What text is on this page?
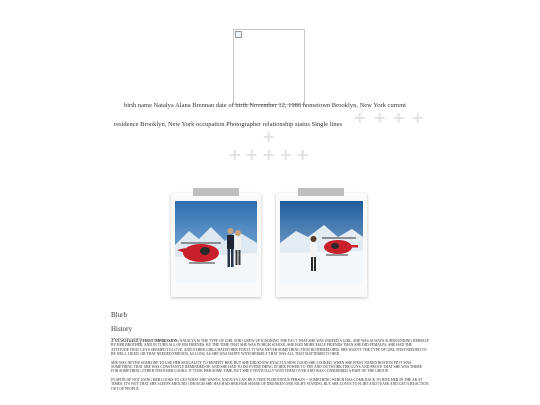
birth name Natalya Alana Brennan date of birth November 12, 1986 hometown Brooklyn, New York current
residence Brooklyn, New York occupation Photographer relationship status Single lines + + + +
+
+ + + + +
Blurb
History
PersonalityFIRST IMPRESSION: NATALYA IS THE TYPE OF GIRL WHO GREW UP IGNORING THE FACT THAT SHE WAS INDEED A GIRL. SHE WAS ALWAYS SURROUNDING HERSELF BY HER BROTHER, AND IN TURN ALL OF HIS FRIENDS. BY THE TIME THAT SHE WAS IN HIGH SCHOOL SHE HAD MORE MALE FRIENDS THAN SHE DID FEMALES. SHE HAD THE ATTITUDE THAT GUYS SEEMED TO LOVE, AND OTHER GIRLS HATED HER FOR IT. IT WAS NEVER SOMETHING THAT BOTHERED HER. SHE WASN'T THE TYPE OF GIRL THAT NEEDED TO BE WELL LIKED, OR THAT NEEDED FRIENDS, AS LONG AS SHE WAS HAPPY WITH HERSELF THAT WAS ALL THAT MATTERED TO HER.
SHE WAS NEVER SOMEONE TO USE HER SEXUALITY TO BENEFIT HER, BUT SHE DID KNOW EXACTLY HOW GOOD SHE LOOKED. WHEN SHE FIRST JOINED BOSTON PD IT WAS SOMETHING THAT SHE WAS CONSTANTLY REMINDED OF, AND SHE HAD TO DO EVERYTHING IN HER POWER TO TRY AND OUTWORK THE GUYS AND PROVE THAT SHE WAS THERE FOR SOMETHING OTHER THAN HER LOOKS. IT TOOK HER SOME TIME, BUT SHE EVENTUALLY WON THEM OVER AND WAS CONSIDERED A PART OF THE GROUP.
IN SPITE OF NOT USING HER LOOKS TO GET WHAT SHE WANTS, NATALYA CAN BE A VERY FLIRTATIOUS PERSON -- SOMETHING WHICH HAS COME BACK TO BITE HER IN THE AR AT TIMES. IT'S NOT THAT SHE SLEEPS AROUND (THOUGH SHE HAS HAD HER FAIR SHARE OF DRUNKEN ONE NIGHT STANDS), BUT SHE LOVES TO FLIRT AND TEASE AND GET A REACTION OUT OF PEOPLE.
